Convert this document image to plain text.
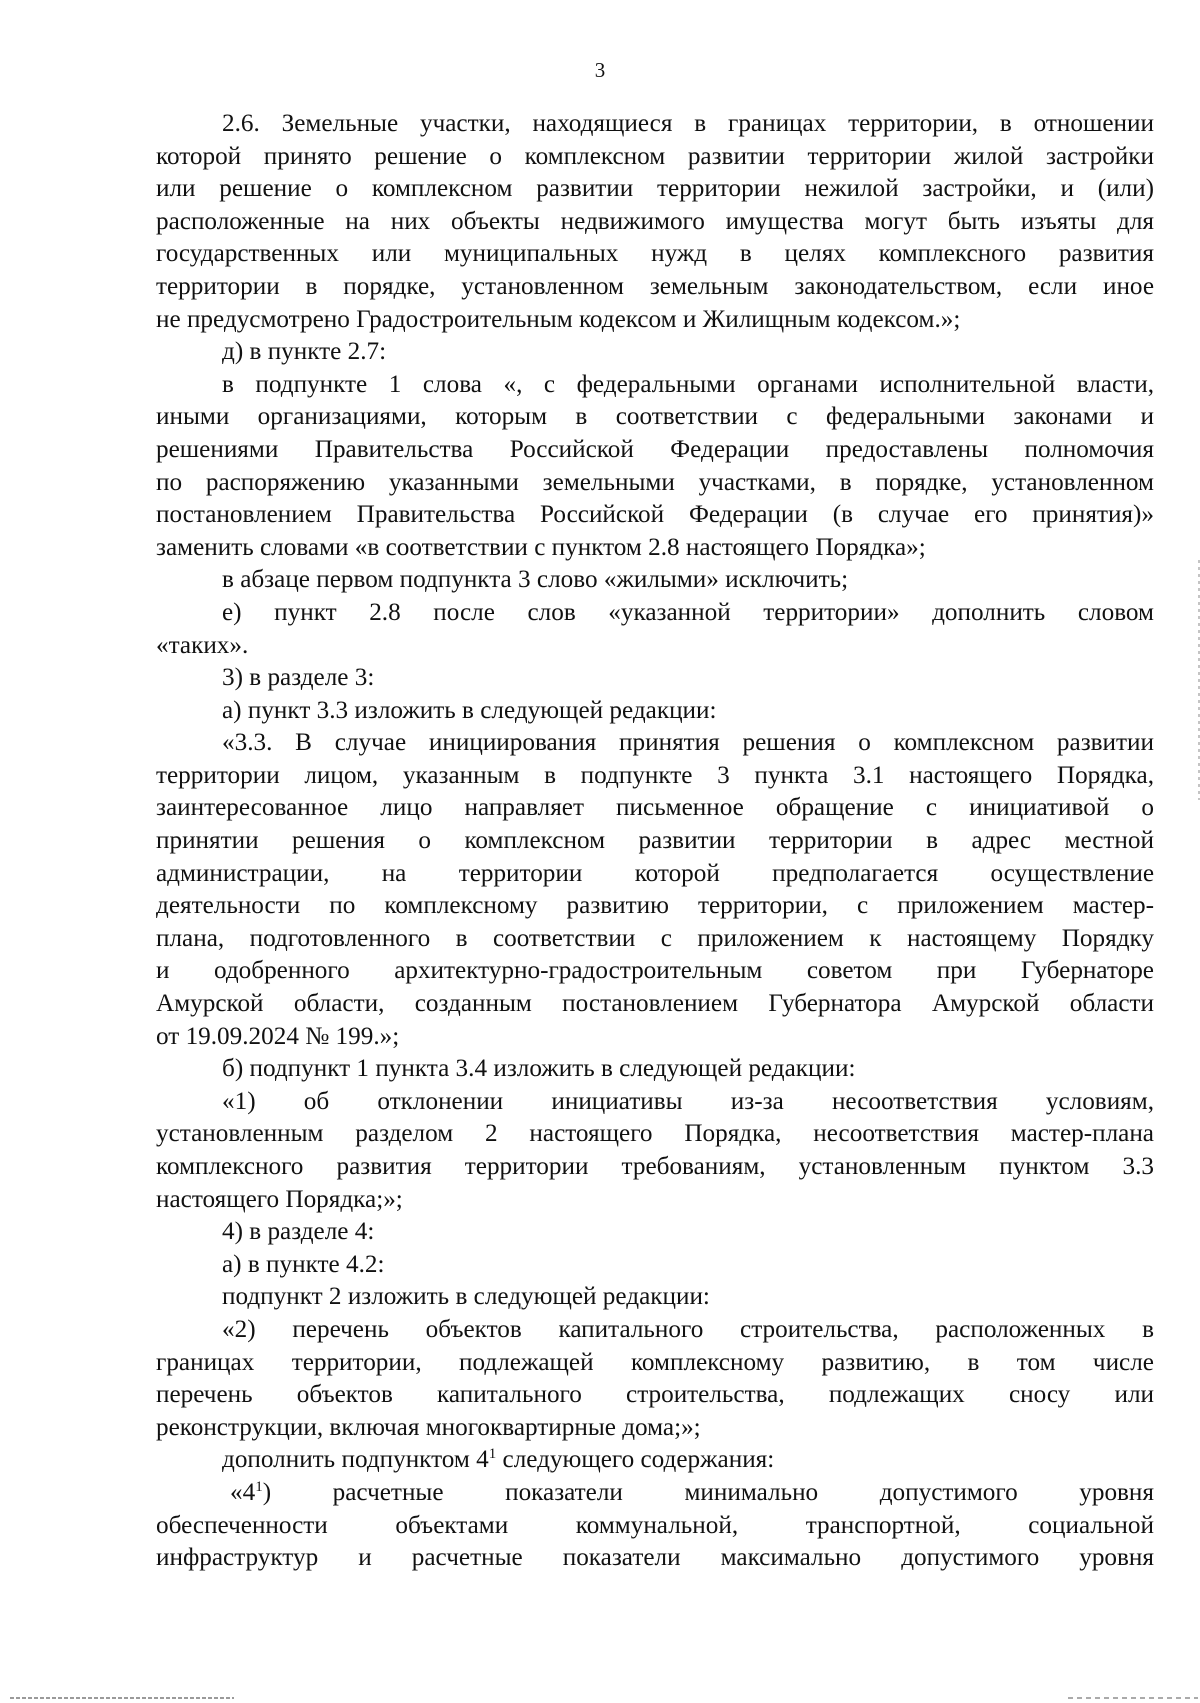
3
2.6. Земельные участки, находящиеся в границах территории, в отношении
которой принято решение о комплексном развитии территории жилой застройки
или решение о комплексном развитии территории нежилой застройки, и (или)
расположенные на них объекты недвижимого имущества могут быть изъяты для
государственных или муниципальных нужд в целях комплексного развития
территории в порядке, установленном земельным законодательством, если иное
не предусмотрено Градостроительным кодексом и Жилищным кодексом.»;
д) в пункте 2.7:
в подпункте 1 слова «, с федеральными органами исполнительной власти,
иными организациями, которым в соответствии с федеральными законами и
решениями Правительства Российской Федерации предоставлены полномочия
по распоряжению указанными земельными участками, в порядке, установленном
постановлением Правительства Российской Федерации (в случае его принятия)»
заменить словами «в соответствии с пунктом 2.8 настоящего Порядка»;
в абзаце первом подпункта 3 слово «жилыми» исключить;
е) пункт 2.8 после слов «указанной территории» дополнить словом
«таких».
3) в разделе 3:
а) пункт 3.3 изложить в следующей редакции:
«3.3. В случае инициирования принятия решения о комплексном развитии
территории лицом, указанным в подпункте 3 пункта 3.1 настоящего Порядка,
заинтересованное лицо направляет письменное обращение с инициативой о
принятии решения о комплексном развитии территории в адрес местной
администрации, на территории которой предполагается осуществление
деятельности по комплексному развитию территории, с приложением мастер-
плана, подготовленного в соответствии с приложением к настоящему Порядку
и одобренного архитектурно-градостроительным советом при Губернаторе
Амурской области, созданным постановлением Губернатора Амурской области
от 19.09.2024 № 199.»;
б) подпункт 1 пункта 3.4 изложить в следующей редакции:
«1) об отклонении инициативы из-за несоответствия условиям,
установленным разделом 2 настоящего Порядка, несоответствия мастер-плана
комплексного развития территории требованиям, установленным пунктом 3.3
настоящего Порядка;»;
4) в разделе 4:
а) в пункте 4.2:
подпункт 2 изложить в следующей редакции:
«2) перечень объектов капитального строительства, расположенных в
границах территории, подлежащей комплексному развитию, в том числе
перечень объектов капитального строительства, подлежащих сносу или
реконструкции, включая многоквартирные дома;»;
дополнить подпунктом $4^1$ следующего содержания:
«$4^1$) расчетные показатели минимально допустимого уровня
обеспеченности объектами коммунальной, транспортной, социальной
инфраструктур и расчетные показатели максимально допустимого уровня
